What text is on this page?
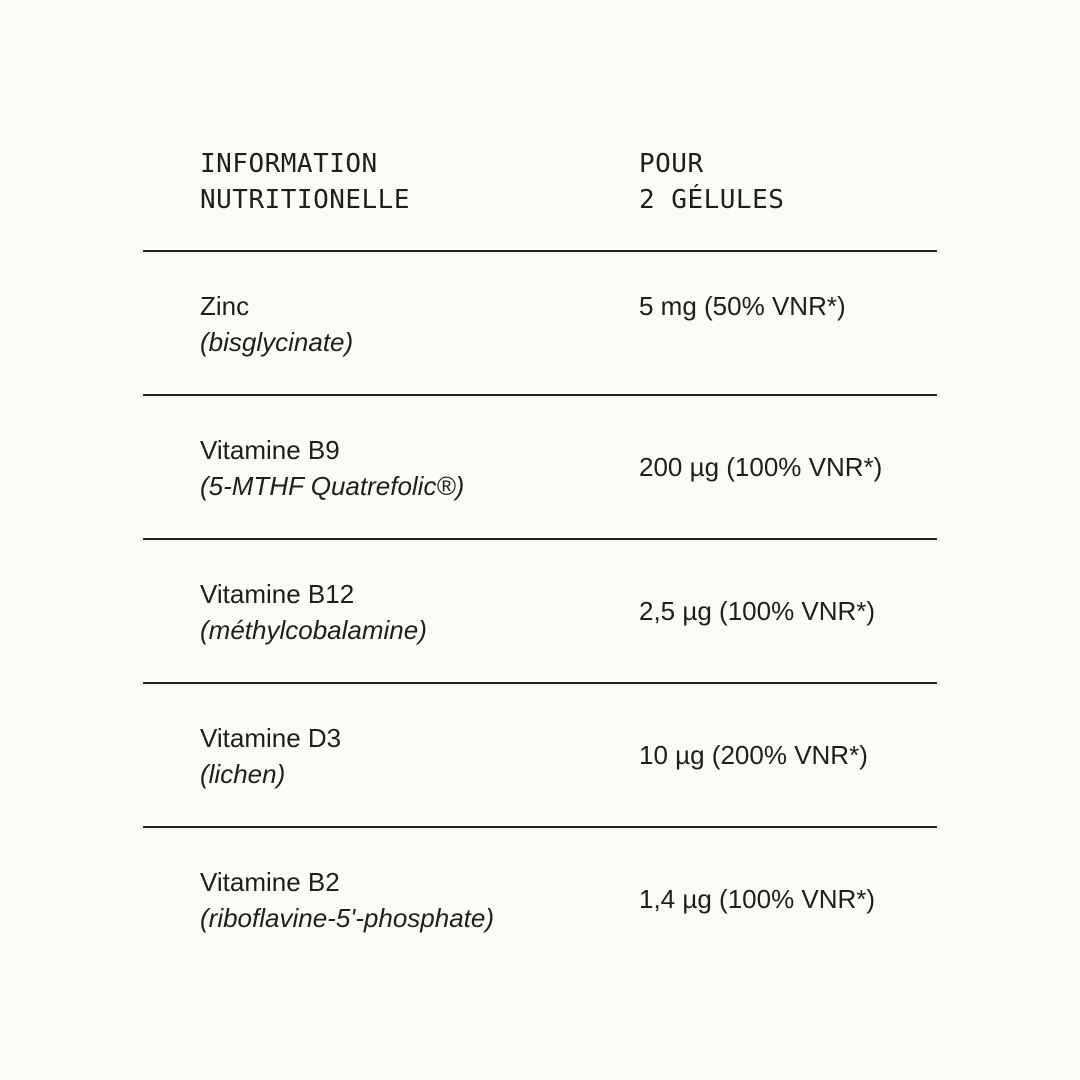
INFORMATION
NUTRITIONELLE
POUR
2 GÉLULES
Zinc
(bisglycinate)
5 mg (50% VNR*)
Vitamine B9
(5-MTHF Quatrefolic®)
200 µg (100% VNR*)
Vitamine B12
(méthylcobalamine)
2,5 µg (100% VNR*)
Vitamine D3
(lichen)
10 µg (200% VNR*)
Vitamine B2
(riboflavine-5'-phosphate)
1,4 µg (100% VNR*)
